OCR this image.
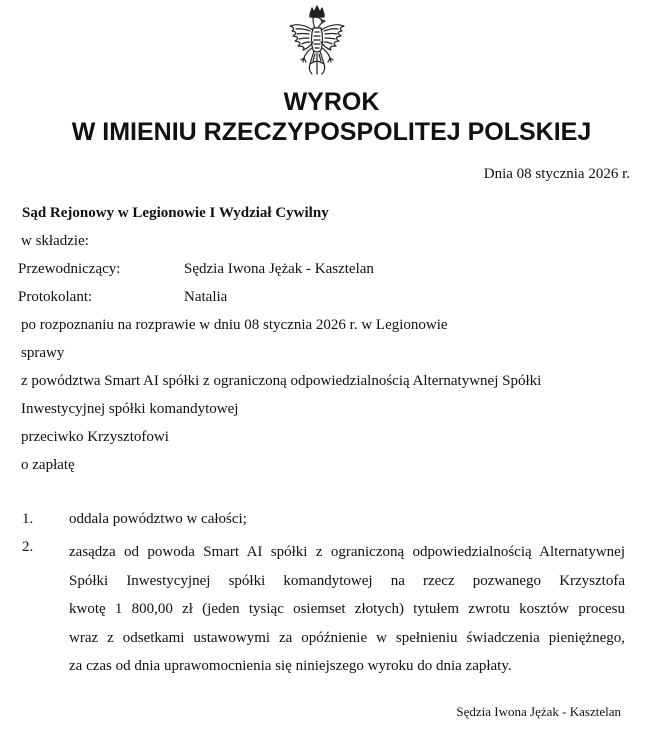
WYROK
W IMIENIU RZECZYPOSPOLITEJ POLSKIEJ
Dnia 08 stycznia 2026 r.
Sąd Rejonowy w Legionowie I Wydział Cywilny
w składzie:
Przewodniczący:	Sędzia Iwona Jężak - Kasztelan
Protokolant:	Natalia
po rozpoznaniu na rozprawie w dniu 08 stycznia 2026 r. w Legionowie
sprawy
z powództwa Smart AI spółki z ograniczoną odpowiedzialnością Alternatywnej Spółki
Inwestycyjnej spółki komandytowej
przeciwko Krzysztofowi
o zapłatę
1. oddala powództwo w całości;
2. zasądza od powoda Smart AI spółki z ograniczoną odpowiedzialnością Alternatywnej
Spółki Inwestycyjnej spółki komandytowej na rzecz pozwanego Krzysztofa
kwotę 1 800,00 zł (jeden tysiąc osiemset złotych) tytułem zwrotu kosztów procesu
wraz z odsetkami ustawowymi za opóźnienie w spełnieniu świadczenia pieniężnego,
za czas od dnia uprawomocnienia się niniejszego wyroku do dnia zapłaty.
Sędzia Iwona Jężak - Kasztelan
